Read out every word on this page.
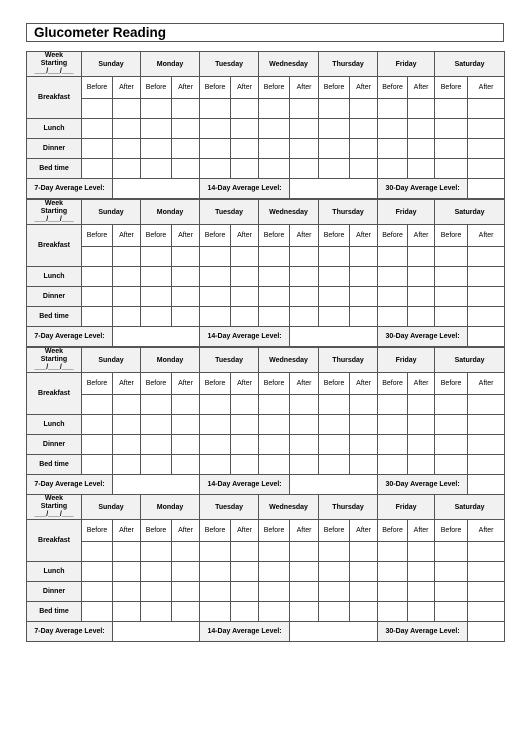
Glucometer Reading
Week
Starting
___/___/___
	Sunday	Monday	Tuesday	Wednesday	Thursday	Friday	Saturday
Breakfast	Before	After	Before	After	Before	After	Before	After	Before	After	Before	After	Before	After

Lunch														
Dinner														
Bed time														
7-Day Average Level:		14-Day Average Level:		30-Day Average Level:	
Week
Starting
___/___/___
	Sunday	Monday	Tuesday	Wednesday	Thursday	Friday	Saturday
Breakfast	Before	After	Before	After	Before	After	Before	After	Before	After	Before	After	Before	After

Lunch														
Dinner														
Bed time														
7-Day Average Level:		14-Day Average Level:		30-Day Average Level:	
Week
Starting
___/___/___
	Sunday	Monday	Tuesday	Wednesday	Thursday	Friday	Saturday
Breakfast	Before	After	Before	After	Before	After	Before	After	Before	After	Before	After	Before	After

Lunch														
Dinner														
Bed time														
7-Day Average Level:		14-Day Average Level:		30-Day Average Level:	
Week
Starting
___/___/___
	Sunday	Monday	Tuesday	Wednesday	Thursday	Friday	Saturday
Breakfast	Before	After	Before	After	Before	After	Before	After	Before	After	Before	After	Before	After

Lunch														
Dinner														
Bed time														
7-Day Average Level:		14-Day Average Level:		30-Day Average Level:	
